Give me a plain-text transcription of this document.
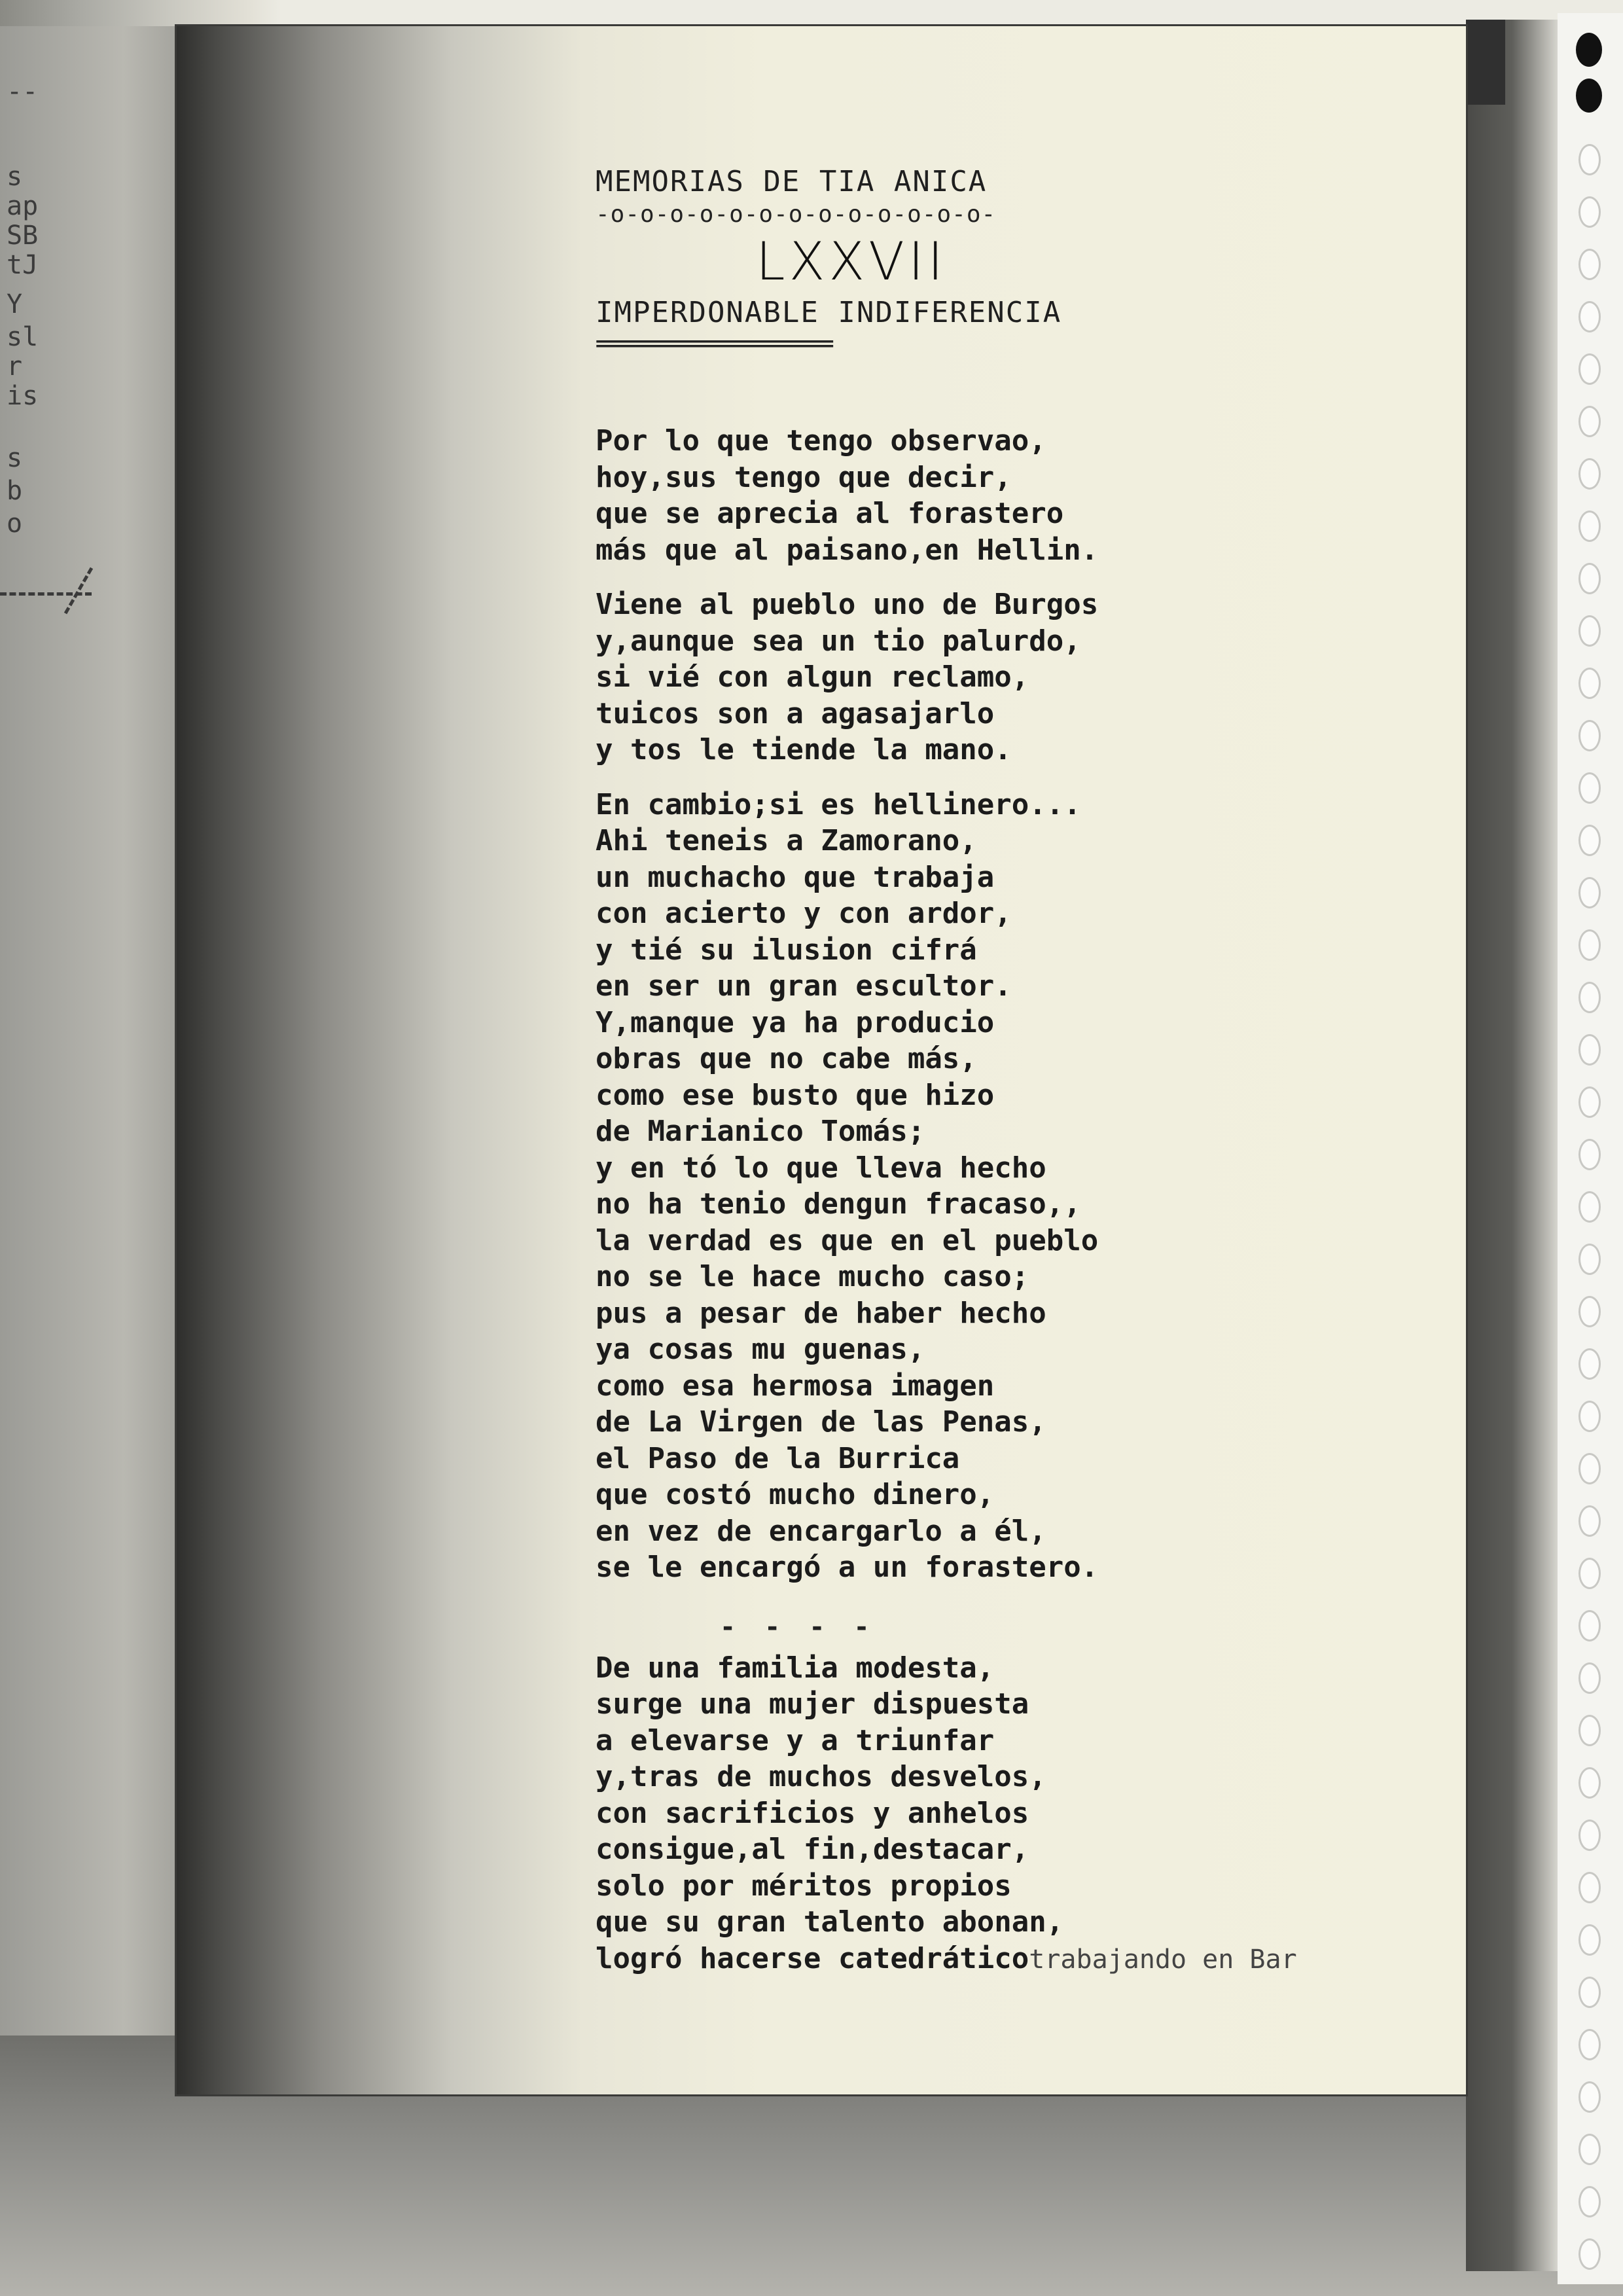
--
s
ap
SB
tJ
Y
sl
r
is
s
b
o
MEMORIAS DE TIA ANICA
-o-o-o-o-o-o-o-o-o-o-o-o-o-
LXXVII
IMPERDONABLE INDIFERENCIA
========================
Por lo que tengo observao,
hoy,sus tengo que decir,
que se aprecia al forastero
más que al paisano,en Hellin.
Viene al pueblo uno de Burgos
y,aunque sea un tio palurdo,
si vié con algun reclamo,
tuicos son a agasajarlo
y tos le tiende la mano.
En cambio;si es hellinero...
Ahi teneis a Zamorano,
un muchacho que trabaja
con acierto y con ardor,
y tié su ilusion cifrá
en ser un gran escultor.
Y,manque ya ha producio
obras que no cabe más,
como ese busto que hizo
de Marianico Tomás;
y en tó lo que lleva hecho
no ha tenio dengun fracaso,,
la verdad es que en el pueblo
no se le hace mucho caso;
pus a pesar de haber hecho
ya cosas mu guenas,
como esa hermosa imagen
de La Virgen de las Penas,
el Paso de la Burrica
que costó mucho dinero,
en vez de encargarlo a él,
se le encargó a un forastero.
- - - -
De una familia modesta,
surge una mujer dispuesta
a elevarse y a triunfar
y,tras de muchos desvelos,
con sacrificios y anhelos
consigue,al fin,destacar,
solo por méritos propios
que su gran talento abonan,
logró hacerse catedráticotrabajando en Bar
